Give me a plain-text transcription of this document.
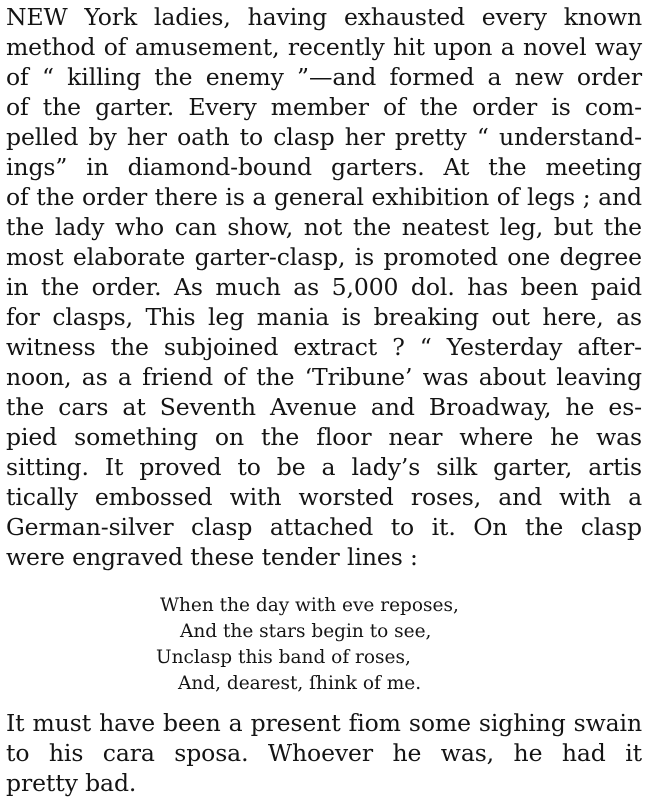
NEW York ladies, having exhausted every known
method of amusement, recently hit upon a novel way
of “ killing the enemy ”—and formed a new order
of the garter. Every member of the order is com-
pelled by her oath to clasp her pretty “ understand-
ings” in diamond-bound garters. At the meeting
of the order there is a general exhibition of legs ; and
the lady who can show, not the neatest leg, but the
most elaborate garter-clasp, is promoted one degree
in the order. As much as 5,000 dol. has been paid
for clasps, This leg mania is breaking out here, as
witness the subjoined extract ? “ Yesterday after-
noon, as a friend of the ‘Tribune’ was about leaving
the cars at Seventh Avenue and Broadway, he es-
pied something on the floor near where he was
sitting. It proved to be a lady’s silk garter, artis
tically embossed with worsted roses, and with a
German-silver clasp attached to it. On the clasp
were engraved these tender lines :
When the day with eve reposes,
And the stars begin to see,
Unclasp this band of roses,
And, dearest, ſhink of me.
It must have been a present fiom some sighing swain
to his cara sposa. Whoever he was, he had it
pretty bad.
